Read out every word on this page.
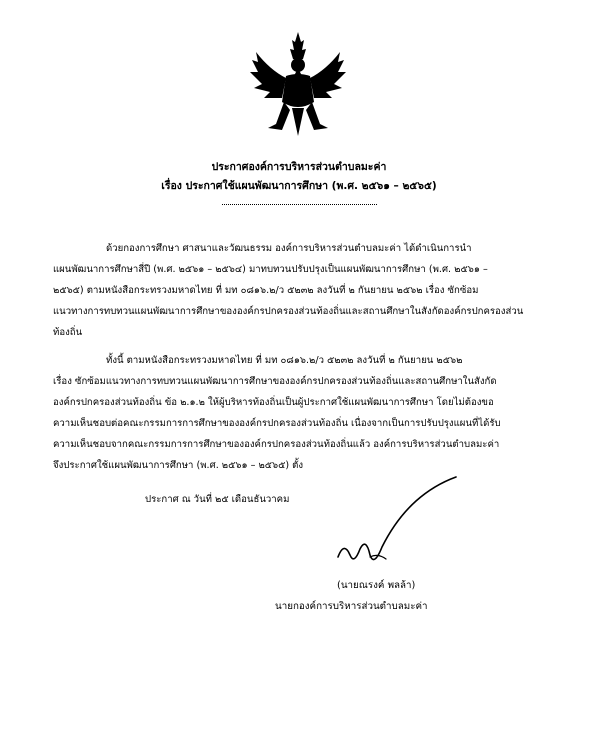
ประกาศองค์การบริหารส่วนตำบลมะค่า
เรื่อง ประกาศใช้แผนพัฒนาการศึกษา (พ.ศ. ๒๕๖๑ – ๒๕๖๕)
ด้วยกองการศึกษา ศาสนาและวัฒนธรรม องค์การบริหารส่วนตำบลมะค่า ได้ดำเนินการนำ
แผนพัฒนาการศึกษาสี่ปี (พ.ศ. ๒๕๖๑ – ๒๕๖๔) มาทบทวนปรับปรุงเป็นแผนพัฒนาการศึกษา (พ.ศ. ๒๕๖๑ –
๒๕๖๕) ตามหนังสือกระทรวงมหาดไทย ที่ มท ๐๘๑๖.๒/ว ๕๒๓๒ ลงวันที่ ๒ กันยายน ๒๕๖๒ เรื่อง ซักซ้อม
แนวทางการทบทวนแผนพัฒนาการศึกษาขององค์กรปกครองส่วนท้องถิ่นและสถานศึกษาในสังกัดองค์กรปกครองส่วน
ท้องถิ่น
ทั้งนี้ ตามหนังสือกระทรวงมหาดไทย ที่ มท ๐๘๑๖.๒/ว ๕๒๓๒ ลงวันที่ ๒ กันยายน ๒๕๖๒
เรื่อง ซักซ้อมแนวทางการทบทวนแผนพัฒนาการศึกษาขององค์กรปกครองส่วนท้องถิ่นและสถานศึกษาในสังกัด
องค์กรปกครองส่วนท้องถิ่น ข้อ ๒.๑.๒ ให้ผู้บริหารท้องถิ่นเป็นผู้ประกาศใช้แผนพัฒนาการศึกษา โดยไม่ต้องขอ
ความเห็นชอบต่อคณะกรรมการการศึกษาขององค์กรปกครองส่วนท้องถิ่น เนื่องจากเป็นการปรับปรุงแผนที่ได้รับ
ความเห็นชอบจากคณะกรรมการการศึกษาขององค์กรปกครองส่วนท้องถิ่นแล้ว องค์การบริหารส่วนตำบลมะค่า
จึงประกาศใช้แผนพัฒนาการศึกษา (พ.ศ. ๒๕๖๑ – ๒๕๖๕) ตั้ง
ประกาศ ณ วันที่ ๒๕ เดือนธันวาคม
(นายณรงค์ พลล้า)
นายกองค์การบริหารส่วนตำบลมะค่า
